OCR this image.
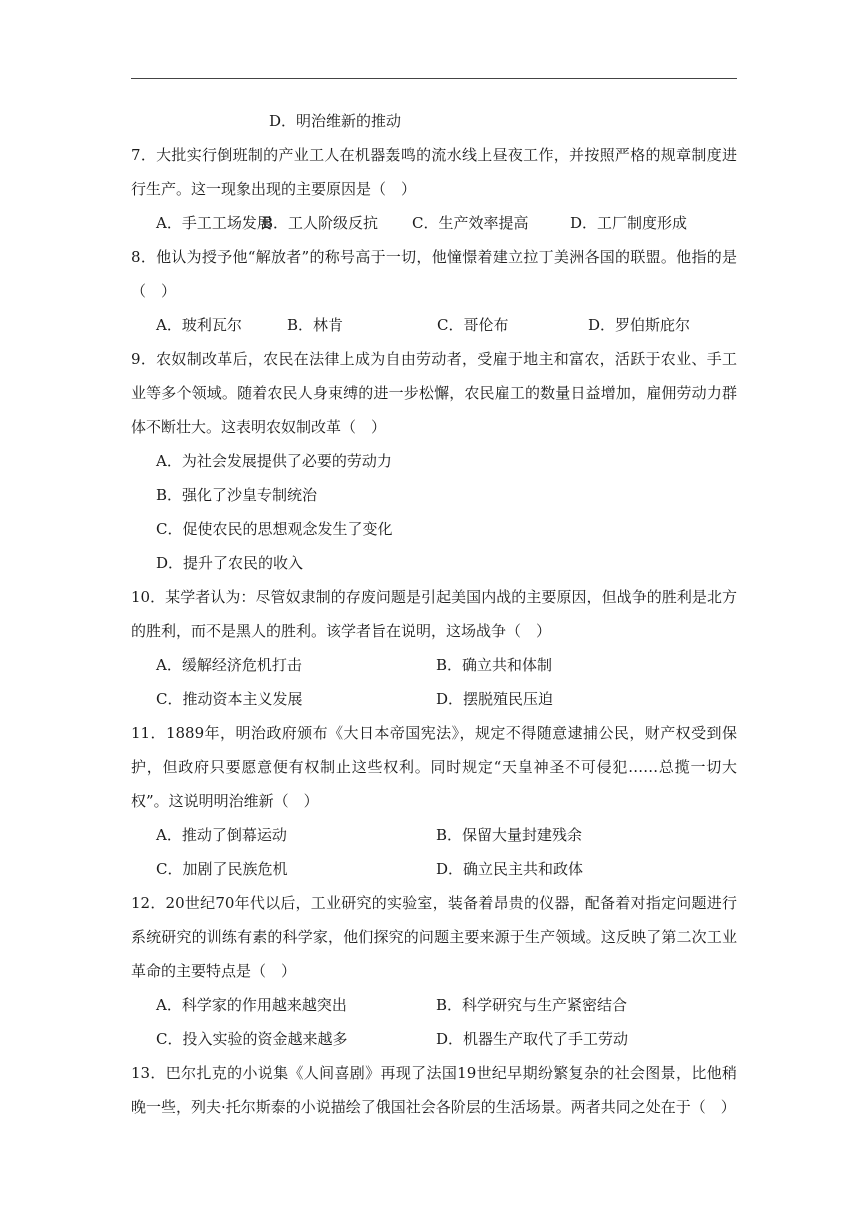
D．明治维新的推动

7．大批实行倒班制的产业工人在机器轰鸣的流水线上昼夜工作，并按照严格的规章制度进行生产。这一现象出现的主要原因是（　）

A．手工工场发展B．工人阶级反抗 C．生产效率提高	D．工厂制度形成

8．他认为授予他“解放者”的称号高于一切，他憧憬着建立拉丁美洲各国的联盟。他指的是（　）

A．玻利瓦尔	B．林肯	C．哥伦布	D．罗伯斯庇尔

9．农奴制改革后，农民在法律上成为自由劳动者，受雇于地主和富农，活跃于农业、手工业等多个领域。随着农民人身束缚的进一步松懈，农民雇工的数量日益增加，雇佣劳动力群体不断壮大。这表明农奴制改革（　）

A．为社会发展提供了必要的劳动力

B．强化了沙皇专制统治

C．促使农民的思想观念发生了变化

D．提升了农民的收入

10．某学者认为：尽管奴隶制的存废问题是引起美国内战的主要原因，但战争的胜利是北方的胜利，而不是黑人的胜利。该学者旨在说明，这场战争（　）

A．缓解经济危机打击	B．确立共和体制

C．推动资本主义发展	D．摆脱殖民压迫

11．1889年，明治政府颁布《大日本帝国宪法》，规定不得随意逮捕公民，财产权受到保护，但政府只要愿意便有权制止这些权利。同时规定“天皇神圣不可侵犯……总揽一切大权”。这说明明治维新（　）

A．推动了倒幕运动	B．保留大量封建残余

C．加剧了民族危机	D．确立民主共和政体

12．20世纪70年代以后，工业研究的实验室，装备着昂贵的仪器，配备着对指定问题进行系统研究的训练有素的科学家，他们探究的问题主要来源于生产领域。这反映了第二次工业革命的主要特点是（　）

A．科学家的作用越来越突出	B．科学研究与生产紧密结合

C．投入实验的资金越来越多	D．机器生产取代了手工劳动

13．巴尔扎克的小说集《人间喜剧》再现了法国19世纪早期纷繁复杂的社会图景，比他稍晚一些，列夫·托尔斯泰的小说描绘了俄国社会各阶层的生活场景。两者共同之处在于（　）
